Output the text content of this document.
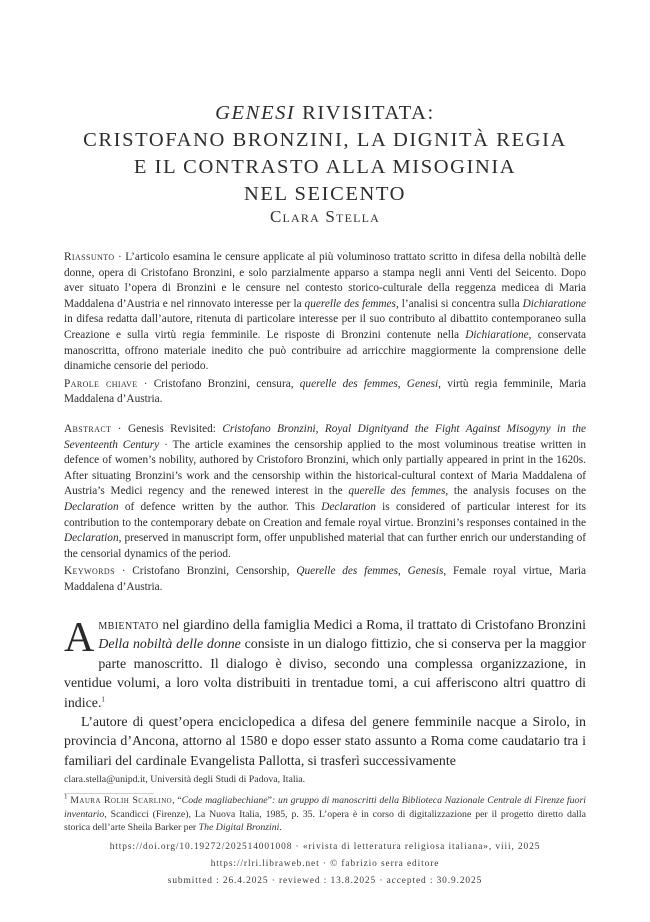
GENESI RIVISITATA:
CRISTOFANO BRONZINI, LA DIGNITÀ REGIA
E IL CONTRASTO ALLA MISOGINIA
NEL SEICENTO
Clara Stella

Riassunto · L’articolo esamina le censure applicate al più voluminoso trattato scritto in difesa della nobiltà delle donne, opera di Cristofano Bronzini, e solo parzialmente apparso a stampa negli anni Venti del Seicento. Dopo aver situato l’opera di Bronzini e le censure nel contesto storico-culturale della reggenza medicea di Maria Maddalena d’Austria e nel rinnovato interesse per la querelle des femmes, l’analisi si concentra sulla Dichiaratione in difesa redatta dall’autore, ritenuta di particolare interesse per il suo contributo al dibattito contemporaneo sulla Creazione e sulla virtù regia femminile. Le risposte di Bronzini contenute nella Dichiaratione, conservata manoscritta, offrono materiale inedito che può contribuire ad arricchire maggiormente la comprensione delle dinamiche censorie del periodo.

Parole chiave · Cristofano Bronzini, censura, querelle des femmes, Genesi, virtù regia femminile, Maria Maddalena d’Austria.

Abstract · Genesis Revisited: Cristofano Bronzini, Royal Dignityand the Fight Against Misogyny in the Seventeenth Century · The article examines the censorship applied to the most voluminous treatise written in defence of women’s nobility, authored by Cristoforo Bronzini, which only partially appeared in print in the 1620s. After situating Bronzini’s work and the censorship within the historical-cultural context of Maria Maddalena of Austria’s Medici regency and the renewed interest in the querelle des femmes, the analysis focuses on the Declaration of defence written by the author. This Declaration is considered of particular interest for its contribution to the contemporary debate on Creation and female royal virtue. Bronzini’s responses contained in the Declaration, preserved in manuscript form, offer unpublished material that can further enrich our understanding of the censorial dynamics of the period.

Keywords · Cristofano Bronzini, Censorship, Querelle des femmes, Genesis, Female royal virtue, Maria Maddalena d’Austria.

Ambientato nel giardino della famiglia Medici a Roma, il trattato di Cristofano Bronzini Della nobiltà delle donne consiste in un dialogo fittizio, che si conserva per la maggior parte manoscritto. Il dialogo è diviso, secondo una complessa organizzazione, in ventidue volumi, a loro volta distribuiti in trentadue tomi, a cui afferiscono altri quattro di indice.$^1$

L’autore di quest’opera enciclopedica a difesa del genere femminile nacque a Sirolo, in provincia d’Ancona, attorno al 1580 e dopo esser stato assunto a Roma come caudatario tra i familiari del cardinale Evangelista Pallotta, si trasferì successivamente

clara.stella@unipd.it, Università degli Studi di Padova, Italia.

$^1$ Maura Rolih Scarlino, “Code magliabechiane”: un gruppo di manoscritti della Biblioteca Nazionale Centrale di Firenze fuori inventario, Scandicci (Firenze), La Nuova Italia, 1985, p. 35. L’opera è in corso di digitalizzazione per il progetto diretto dalla storica dell’arte Sheila Barker per The Digital Bronzini.

https://doi.org/10.19272/202514001008 · «rivista di letteratura religiosa italiana», viii, 2025
https://rlri.libraweb.net · © fabrizio serra editore
submitted : 26.4.2025 · reviewed : 13.8.2025 · accepted : 30.9.2025
